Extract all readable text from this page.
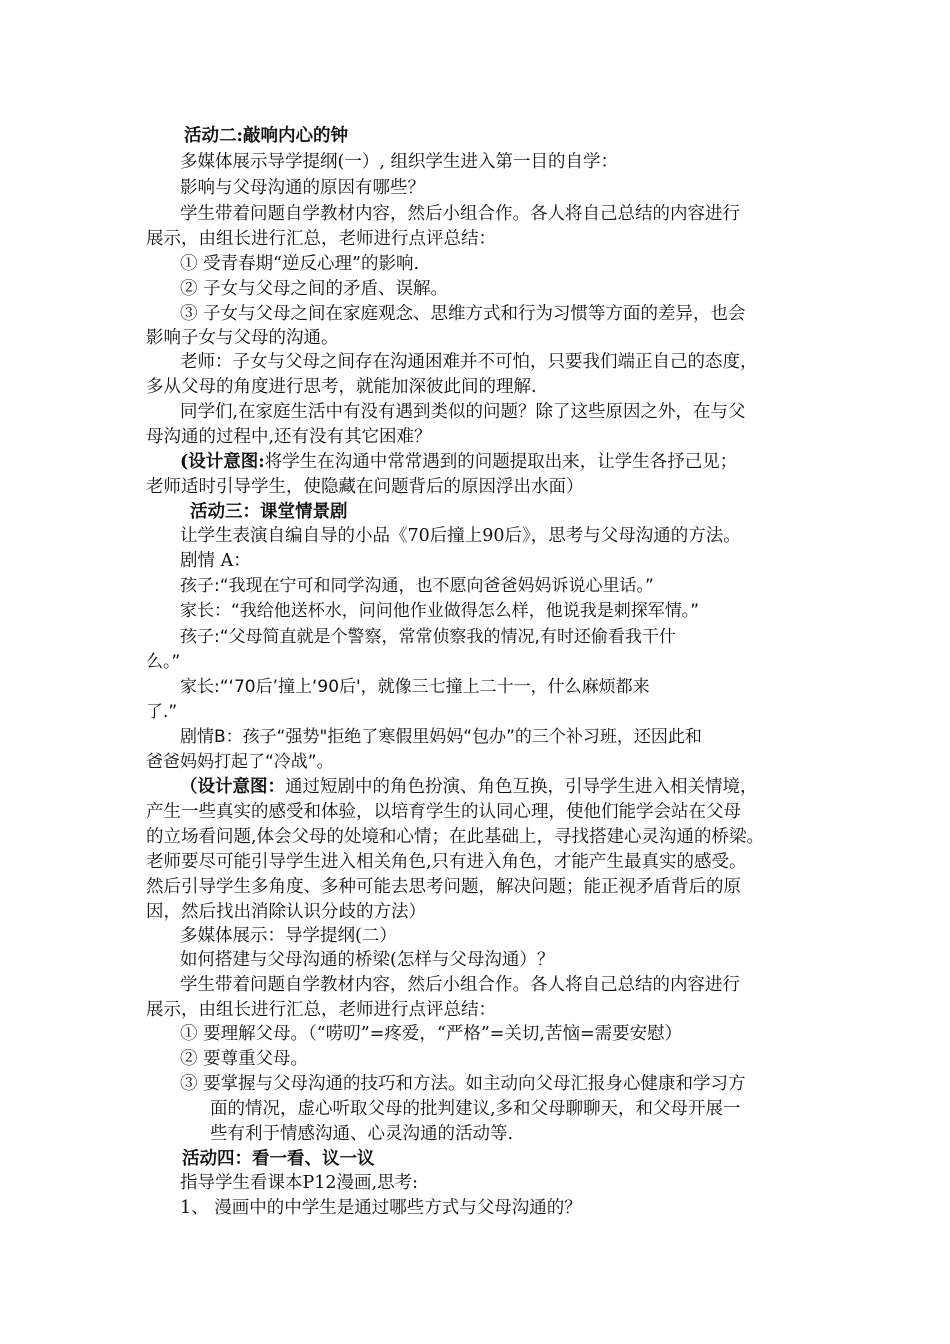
活动二:敲响内心的钟
多媒体展示导学提纲(一）, 组织学生进入第一目的自学：
影响与父母沟通的原因有哪些？
学生带着问题自学教材内容，然后小组合作。各人将自己总结的内容进行
展示，由组长进行汇总，老师进行点评总结：
① 受青春期“逆反心理”的影响.
② 子女与父母之间的矛盾、误解。
③ 子女与父母之间在家庭观念、思维方式和行为习惯等方面的差异，也会
影响子女与父母的沟通。
老师：子女与父母之间存在沟通困难并不可怕，只要我们端正自己的态度，
多从父母的角度进行思考，就能加深彼此间的理解.
同学们,在家庭生活中有没有遇到类似的问题？除了这些原因之外，在与父
母沟通的过程中,还有没有其它困难？
(设计意图:将学生在沟通中常常遇到的问题提取出来，让学生各抒己见；
老师适时引导学生，使隐藏在问题背后的原因浮出水面）
活动三：课堂情景剧
让学生表演自编自导的小品《70后撞上90后》，思考与父母沟通的方法。
剧情 A：
孩子:“我现在宁可和同学沟通，也不愿向爸爸妈妈诉说心里话。”
家长：“我给他送杯水，问问他作业做得怎么样，他说我是刺探军情。”
孩子:“父母简直就是个警察，常常侦察我的情况,有时还偷看我干什
么。”
家长:“‘70后’撞上‘90后'，就像三七撞上二十一，什么麻烦都来
了.”
剧情B：孩子“强势"拒绝了寒假里妈妈“包办”的三个补习班，还因此和
爸爸妈妈打起了“冷战”。
（设计意图：通过短剧中的角色扮演、角色互换，引导学生进入相关情境，
产生一些真实的感受和体验，以培育学生的认同心理，使他们能学会站在父母
的立场看问题,体会父母的处境和心情；在此基础上，寻找搭建心灵沟通的桥梁。
老师要尽可能引导学生进入相关角色,只有进入角色，才能产生最真实的感受。
然后引导学生多角度、多种可能去思考问题，解决问题；能正视矛盾背后的原
因，然后找出消除认识分歧的方法）
多媒体展示：导学提纲(二）
如何搭建与父母沟通的桥梁(怎样与父母沟通）？
学生带着问题自学教材内容，然后小组合作。各人将自己总结的内容进行
展示，由组长进行汇总，老师进行点评总结：
① 要理解父母。（“唠叨”=疼爱，“严格”=关切,苦恼=需要安慰）
② 要尊重父母。
③ 要掌握与父母沟通的技巧和方法。如主动向父母汇报身心健康和学习方
面的情况，虚心听取父母的批判建议,多和父母聊聊天，和父母开展一
些有利于情感沟通、心灵沟通的活动等.
活动四：看一看、议一议
指导学生看课本P12漫画,思考:
1、 漫画中的中学生是通过哪些方式与父母沟通的？
